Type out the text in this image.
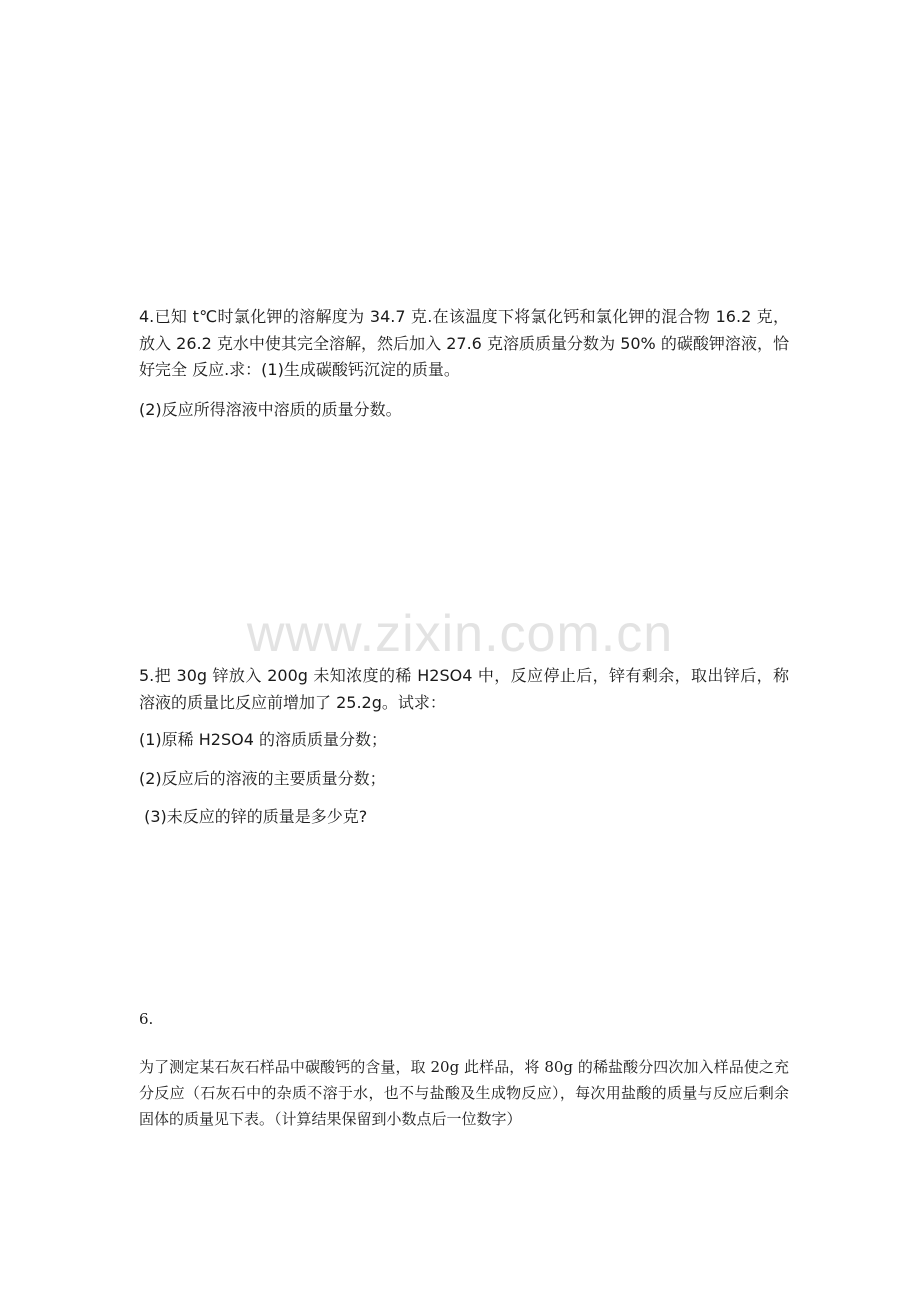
4.已知 t℃时氯化钾的溶解度为 34.7 克.在该温度下将氯化钙和氯化钾的混合物 16.2 克，放入 26.2 克水中使其完全溶解，然后加入 27.6 克溶质质量分数为 50% 的碳酸钾溶液，恰好完全 反应.求：(1)生成碳酸钙沉淀的质量。

(2)反应所得溶液中溶质的质量分数。

www.zixin.com.cn

5.把 30g 锌放入 200g 未知浓度的稀 H2SO4 中，反应停止后，锌有剩余，取出锌后，称溶液的质量比反应前增加了 25.2g。试求：

(1)原稀 H2SO4 的溶质质量分数；

(2)反应后的溶液的主要质量分数；

(3)未反应的锌的质量是多少克?

6.

为了测定某石灰石样品中碳酸钙的含量，取 20g 此样品，将 80g 的稀盐酸分四次加入样品使之充分反应（石灰石中的杂质不溶于水，也不与盐酸及生成物反应），每次用盐酸的质量与反应后剩余固体的质量见下表。（计算结果保留到小数点后一位数字）
